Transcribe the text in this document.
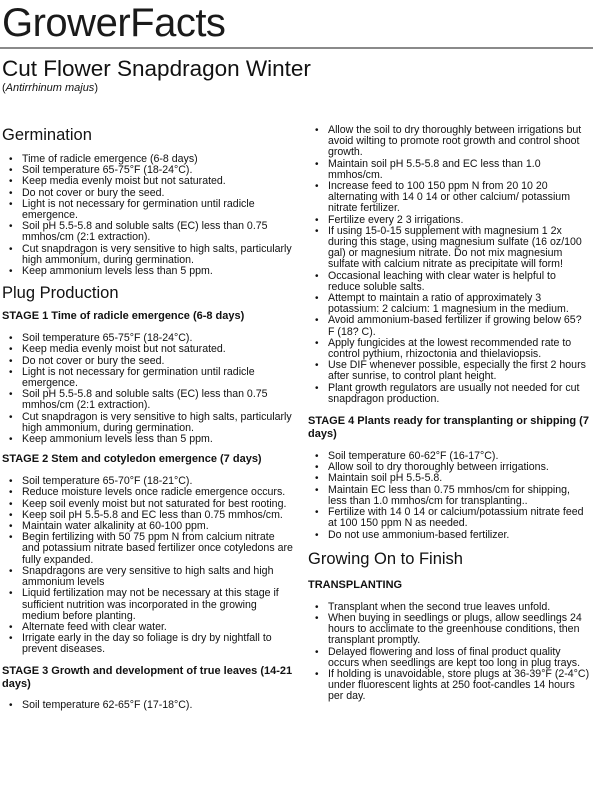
GrowerFacts
Cut Flower Snapdragon Winter
(Antirrhinum majus)
Germination
• Time of radicle emergence (6-8 days)
• Soil temperature 65-75°F (18-24°C).
• Keep media evenly moist but not saturated.
• Do not cover or bury the seed.
• Light is not necessary for germination until radicle emergence.
• Soil pH 5.5-5.8 and soluble salts (EC) less than 0.75 mmhos/cm (2:1 extraction).
• Cut snapdragon is very sensitive to high salts, particularly high ammonium, during germination.
• Keep ammonium levels less than 5 ppm.
Plug Production
STAGE 1 Time of radicle emergence (6-8 days)
• Soil temperature 65-75°F (18-24°C).
• Keep media evenly moist but not saturated.
• Do not cover or bury the seed.
• Light is not necessary for germination until radicle emergence.
• Soil pH 5.5-5.8 and soluble salts (EC) less than 0.75 mmhos/cm (2:1 extraction).
• Cut snapdragon is very sensitive to high salts, particularly high ammonium, during germination.
• Keep ammonium levels less than 5 ppm.
STAGE 2 Stem and cotyledon emergence (7 days)
• Soil temperature 65-70°F (18-21°C).
• Reduce moisture levels once radicle emergence occurs.
• Keep soil evenly moist but not saturated for best rooting.
• Keep soil pH 5.5-5.8 and EC less than 0.75 mmhos/cm.
• Maintain water alkalinity at 60-100 ppm.
• Begin fertilizing with 50 75 ppm N from calcium nitrate and potassium nitrate based fertilizer once cotyledons are fully expanded.
• Snapdragons are very sensitive to high salts and high ammonium levels
• Liquid fertilization may not be necessary at this stage if sufficient nutrition was incorporated in the growing medium before planting.
• Alternate feed with clear water.
• Irrigate early in the day so foliage is dry by nightfall to prevent diseases.
STAGE 3 Growth and development of true leaves (14-21 days)
• Soil temperature 62-65°F (17-18°C).
• Allow the soil to dry thoroughly between irrigations but avoid wilting to promote root growth and control shoot growth.
• Maintain soil pH 5.5-5.8 and EC less than 1.0 mmhos/cm.
• Increase feed to 100 150 ppm N from 20 10 20 alternating with 14 0 14 or other calcium/ potassium nitrate fertilizer.
• Fertilize every 2 3 irrigations.
• If using 15-0-15 supplement with magnesium 1 2x during this stage, using magnesium sulfate (16 oz/100 gal) or magnesium nitrate. Do not mix magnesium sulfate with calcium nitrate as precipitate will form!
• Occasional leaching with clear water is helpful to reduce soluble salts.
• Attempt to maintain a ratio of approximately 3 potassium: 2 calcium: 1 magnesium in the medium.
• Avoid ammonium-based fertilizer if growing below 65? F (18? C).
• Apply fungicides at the lowest recommended rate to control pythium, rhizoctonia and thielaviopsis.
• Use DIF whenever possible, especially the first 2 hours after sunrise, to control plant height.
• Plant growth regulators are usually not needed for cut snapdragon production.
STAGE 4 Plants ready for transplanting or shipping (7 days)
• Soil temperature 60-62°F (16-17°C).
• Allow soil to dry thoroughly between irrigations.
• Maintain soil pH 5.5-5.8.
• Maintain EC less than 0.75 mmhos/cm for shipping, less than 1.0 mmhos/cm for transplanting..
• Fertilize with 14 0 14 or calcium/potassium nitrate feed at 100 150 ppm N as needed.
• Do not use ammonium-based fertilizer.
Growing On to Finish
TRANSPLANTING
• Transplant when the second true leaves unfold.
• When buying in seedlings or plugs, allow seedlings 24 hours to acclimate to the greenhouse conditions, then transplant promptly.
• Delayed flowering and loss of final product quality occurs when seedlings are kept too long in plug trays.
• If holding is unavoidable, store plugs at 36-39°F (2-4°C) under fluorescent lights at 250 foot-candles 14 hours per day.
